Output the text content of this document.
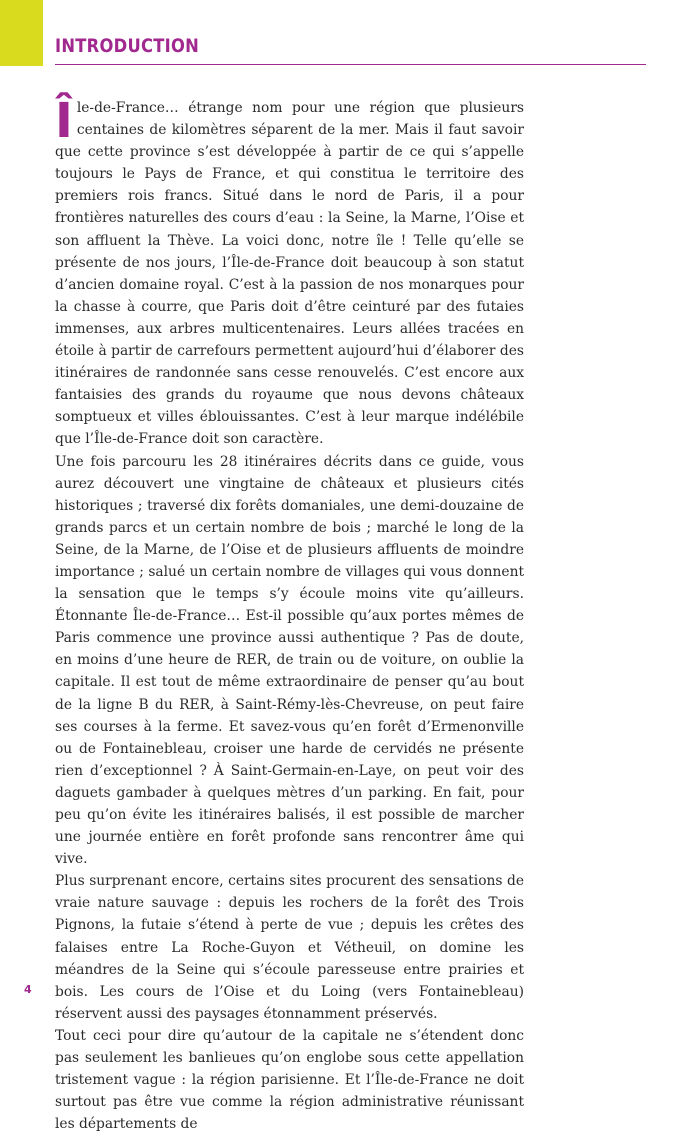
INTRODUCTION

Île-de-France… étrange nom pour une région que plusieurs centaines de kilomètres séparent de la mer. Mais il faut savoir que cette province s’est développée à partir de ce qui s’appelle toujours le Pays de France, et qui constitua le territoire des premiers rois francs. Situé dans le nord de Paris, il a pour frontières naturelles des cours d’eau : la Seine, la Marne, l’Oise et son affluent la Thève. La voici donc, notre île ! Telle qu’elle se présente de nos jours, l’Île-de-France doit beaucoup à son statut d’ancien domaine royal. C’est à la passion de nos monarques pour la chasse à courre, que Paris doit d’être ceinturé par des futaies immenses, aux arbres multicentenaires. Leurs allées tracées en étoile à partir de carrefours permettent aujourd’hui d’élaborer des itinéraires de randonnée sans cesse renouvelés. C’est encore aux fantaisies des grands du royaume que nous devons châteaux somptueux et villes éblouissantes. C’est à leur marque indélébile que l’Île-de-France doit son caractère.

Une fois parcouru les 28 itinéraires décrits dans ce guide, vous aurez découvert une vingtaine de châteaux et plusieurs cités historiques ; traversé dix forêts domaniales, une demi-douzaine de grands parcs et un certain nombre de bois ; marché le long de la Seine, de la Marne, de l’Oise et de plusieurs affluents de moindre importance ; salué un certain nombre de villages qui vous donnent la sensation que le temps s’y écoule moins vite qu’ailleurs. Étonnante Île-de-France… Est-il possible qu’aux portes mêmes de Paris commence une province aussi authentique ? Pas de doute, en moins d’une heure de RER, de train ou de voiture, on oublie la capitale. Il est tout de même extraordinaire de penser qu’au bout de la ligne B du RER, à Saint-Rémy-lès-Chevreuse, on peut faire ses courses à la ferme. Et savez-vous qu’en forêt d’Ermenonville ou de Fontainebleau, croiser une harde de cervidés ne présente rien d’exceptionnel ? À Saint-Germain-en-Laye, on peut voir des daguets gambader à quelques mètres d’un parking. En fait, pour peu qu’on évite les itinéraires balisés, il est possible de marcher une journée entière en forêt profonde sans rencontrer âme qui vive.

Plus surprenant encore, certains sites procurent des sensations de vraie nature sauvage : depuis les rochers de la forêt des Trois Pignons, la futaie s’étend à perte de vue ; depuis les crêtes des falaises entre La Roche-Guyon et Vétheuil, on domine les méandres de la Seine qui s’écoule paresseuse entre prairies et bois. Les cours de l’Oise et du Loing (vers Fontainebleau) réservent aussi des paysages étonnamment préservés.

Tout ceci pour dire qu’autour de la capitale ne s’étendent donc pas seulement les banlieues qu’on englobe sous cette appellation tristement vague : la région parisienne. Et l’Île-de-France ne doit surtout pas être vue comme la région administrative réunissant les départements de

4
